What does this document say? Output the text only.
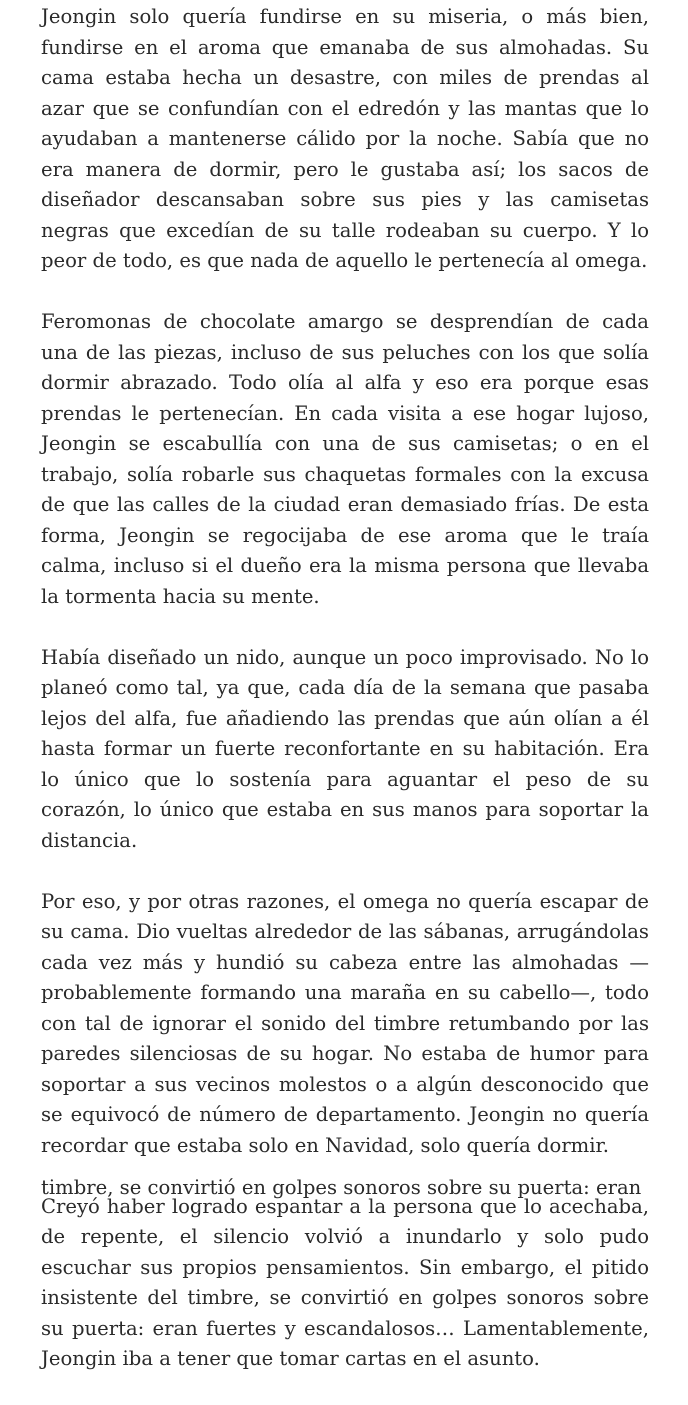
Jeongin solo quería fundirse en su miseria, o más bien, fundirse en el aroma que emanaba de sus almohadas. Su cama estaba hecha un desastre, con miles de prendas al azar que se confundían con el edredón y las mantas que lo ayudaban a mantenerse cálido por la noche. Sabía que no era manera de dormir, pero le gustaba así; los sacos de diseñador descansaban sobre sus pies y las camisetas negras que excedían de su talle rodeaban su cuerpo. Y lo peor de todo, es que nada de aquello le pertenecía al omega.

Feromonas de chocolate amargo se desprendían de cada una de las piezas, incluso de sus peluches con los que solía dormir abrazado. Todo olía al alfa y eso era porque esas prendas le pertenecían. En cada visita a ese hogar lujoso, Jeongin se escabullía con una de sus camisetas; o en el trabajo, solía robarle sus chaquetas formales con la excusa de que las calles de la ciudad eran demasiado frías. De esta forma, Jeongin se regocijaba de ese aroma que le traía calma, incluso si el dueño era la misma persona que llevaba la tormenta hacia su mente.

Había diseñado un nido, aunque un poco improvisado. No lo planeó como tal, ya que, cada día de la semana que pasaba lejos del alfa, fue añadiendo las prendas que aún olían a él hasta formar un fuerte reconfortante en su habitación. Era lo único que lo sostenía para aguantar el peso de su corazón, lo único que estaba en sus manos para soportar la distancia.

Por eso, y por otras razones, el omega no quería escapar de su cama. Dio vueltas alrededor de las sábanas, arrugándolas cada vez más y hundió su cabeza entre las almohadas —probablemente formando una maraña en su cabello—, todo con tal de ignorar el sonido del timbre retumbando por las paredes silenciosas de su hogar. No estaba de humor para soportar a sus vecinos molestos o a algún desconocido que se equivocó de número de departamento. Jeongin no quería recordar que estaba solo en Navidad, solo quería dormir.

Creyó haber logrado espantar a la persona que lo acechaba, de repente, el silencio volvió a inundarlo y solo pudo escuchar sus propios pensamientos. Sin embargo, el pitido insistente del timbre, se convirtió en golpes sonoros sobre su puerta: eran fuertes y escandalosos… Lamentablemente, Jeongin iba a tener que tomar cartas en el asunto.

timbre, se convirtió en golpes sonoros sobre su puerta: eran
